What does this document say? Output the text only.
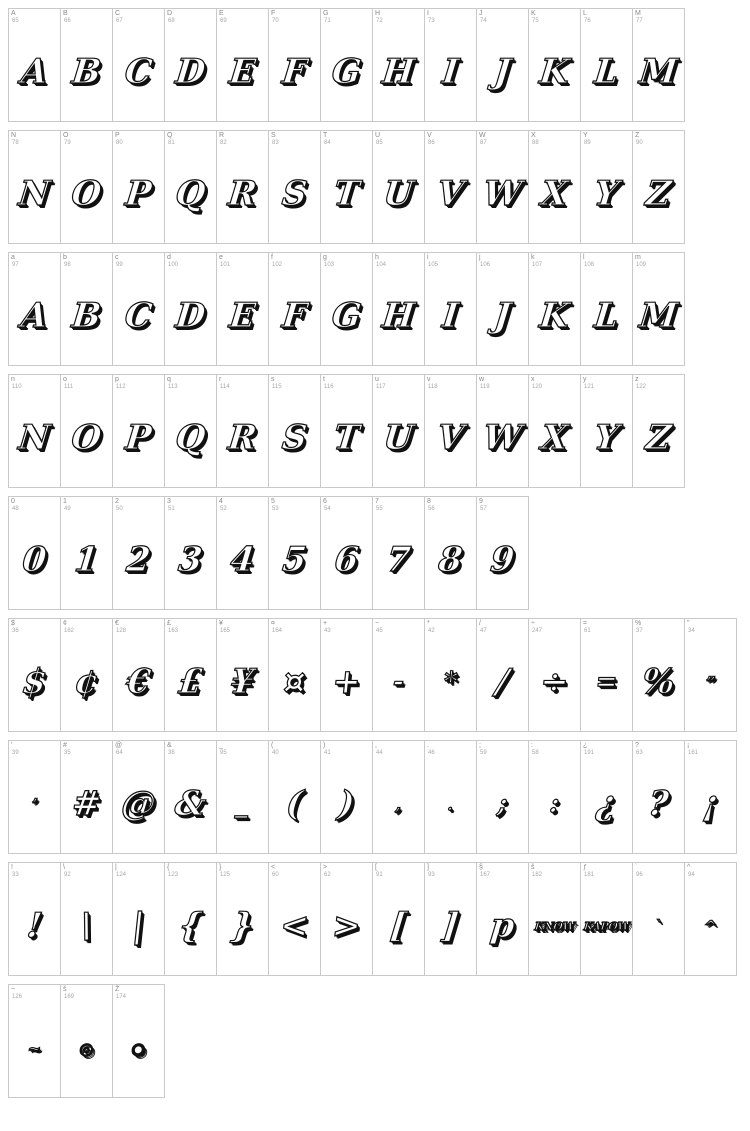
A
65
A
B
66
B
C
67
C
D
68
D
E
69
E
F
70
F
G
71
G
H
72
H
I
73
I
J
74
J
K
75
K
L
76
L
M
77
M
N
78
N
O
79
O
P
80
P
Q
81
Q
R
82
R
S
83
S
T
84
T
U
85
U
V
86
V
W
87
W
X
88
X
Y
89
Y
Z
90
Z
a
97
A
b
98
B
c
99
C
d
100
D
e
101
E
f
102
F
g
103
G
h
104
H
i
105
I
j
106
J
k
107
K
l
108
L
m
109
M
n
110
N
o
111
O
p
112
P
q
113
Q
r
114
R
s
115
S
t
116
T
u
117
U
v
118
V
w
119
W
x
120
X
y
121
Y
z
122
Z
0
48
0
1
49
1
2
50
2
3
51
3
4
52
4
5
53
5
6
54
6
7
55
7
8
56
8
9
57
9
$
36
$
¢
162
¢
€
128
€
£
163
£
¥
165
¥
¤
164
¤
+
43
+
−
45
-
*
42
*
/
47
/
÷
247
÷
=
61
=
%
37
%
"
34
”
'
39
’
#
35
#
@
64
@
&
38
&
_
95
_
(
40
(
)
41
)
,
44
,
.
46
.
;
59
;
:
58
:
¿
191
¿
?
63
?
¡
161
¡
!
33
!
\
92
\
|
124
|
{
123
{
}
125
}
<
60
<
>
62
>
[
91
[
]
93
]
§
167
p
š
182
KNOW
ƒ
181
KAPOW
`
96
`
^
94
^
~
126
~
š
169
◎
Ž
174
◉
